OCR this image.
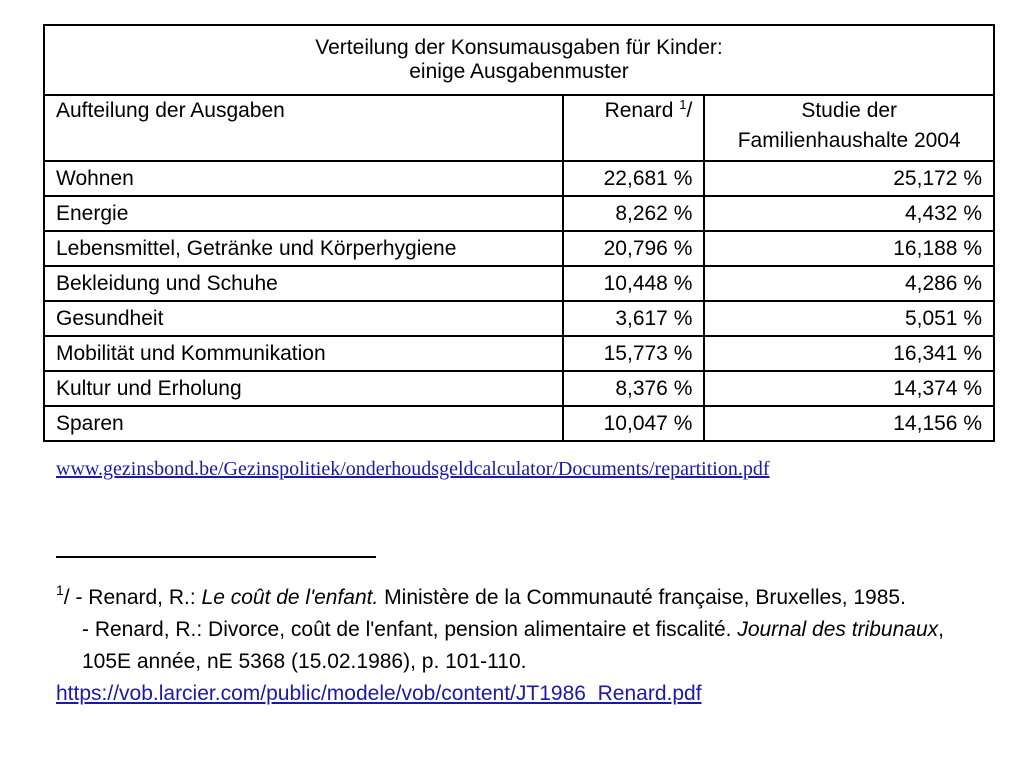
Verteilung der Konsumausgaben für Kinder:
einige Ausgabenmuster		

Aufteilung der Ausgaben	Renard $^1$/	Studie der
Familienhaushalte 2004

Wohnen	22,681 %	25,172 %
Energie	8,262 %	4,432 %
Lebensmittel, Getränke und Körperhygiene	20,796 %	16,188 %
Bekleidung und Schuhe	10,448 %	4,286 %
Gesundheit	3,617 %	5,051 %
Mobilität und Kommunikation	15,773 %	16,341 %
Kultur und Erholung	8,376 %	14,374 %
Sparen	10,047 %	14,156 %
www.gezinsbond.be/Gezinspolitiek/onderhoudsgeldcalculator/Documents/repartition.pdf

$^1$/ - Renard, R.: Le coût de l'enfant. Ministère de la Communauté française, Bruxelles, 1985.

- Renard, R.: Divorce, coût de l'enfant, pension alimentaire et fiscalité. Journal des tribunaux, 105E année, nE 5368 (15.02.1986), p. 101-110.

https://vob.larcier.com/public/modele/vob/content/JT1986_Renard.pdf
